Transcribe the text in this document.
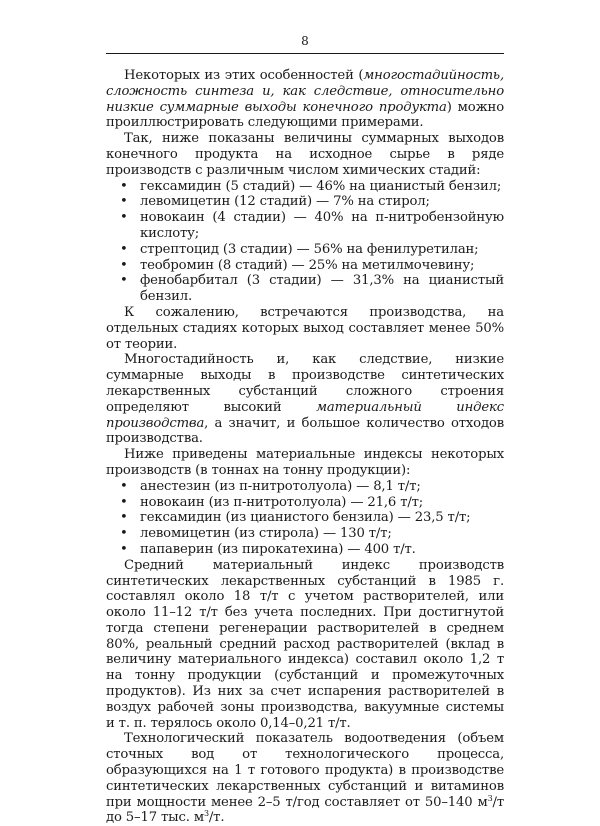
8

Некоторых из этих особенностей (многостадийность, сложность синтеза и, как следствие, относительно низкие суммарные выходы конечного продукта) можно проиллюстрировать следующими примерами.

Так, ниже показаны величины суммарных выходов конечного продукта на исходное сырье в ряде производств с различным числом химических стадий:

• гексамидин (5 стадий) — 46% на цианистый бензил;
• левомицетин (12 стадий) — 7% на стирол;
• новокаин (4 стадии) — 40% на п-нитробензойную кислоту;
• стрептоцид (3 стадии) — 56% на фенилуретилан;
• теобромин (8 стадий) — 25% на метилмочевину;
• фенобарбитал (3 стадии) — 31,3% на цианистый бензил.

К сожалению, встречаются производства, на отдельных стадиях которых выход составляет менее 50% от теории.

Многостадийность и, как следствие, низкие суммарные выходы в производстве синтетических лекарственных субстанций сложного строения определяют высокий материальный индекс производства, а значит, и большое количество отходов производства.

Ниже приведены материальные индексы некоторых производств (в тоннах на тонну продукции):

• анестезин (из п-нитротолуола) — 8,1 т/т;
• новокаин (из п-нитротолуола) — 21,6 т/т;
• гексамидин (из цианистого бензила) — 23,5 т/т;
• левомицетин (из стирола) — 130 т/т;
• папаверин (из пирокатехина) — 400 т/т.

Средний материальный индекс производств синтетических лекарственных субстанций в 1985 г. составлял около 18 т/т с учетом растворителей, или около 11–12 т/т без учета последних. При достигнутой тогда степени регенерации растворителей в среднем 80%, реальный средний расход растворителей (вклад в величину материального индекса) составил около 1,2 т на тонну продукции (субстанций и промежуточных продуктов). Из них за счет испарения растворителей в воздух рабочей зоны производства, вакуумные системы и т. п. терялось около 0,14–0,21 т/т.

Технологический показатель водоотведения (объем сточных вод от технологического процесса, образующихся на 1 т готового продукта) в производстве синтетических лекарственных субстанций и витаминов при мощности менее 2–5 т/год составляет от 50–140 $м^3/т$ до 5–17 тыс. $м^3/т$.
